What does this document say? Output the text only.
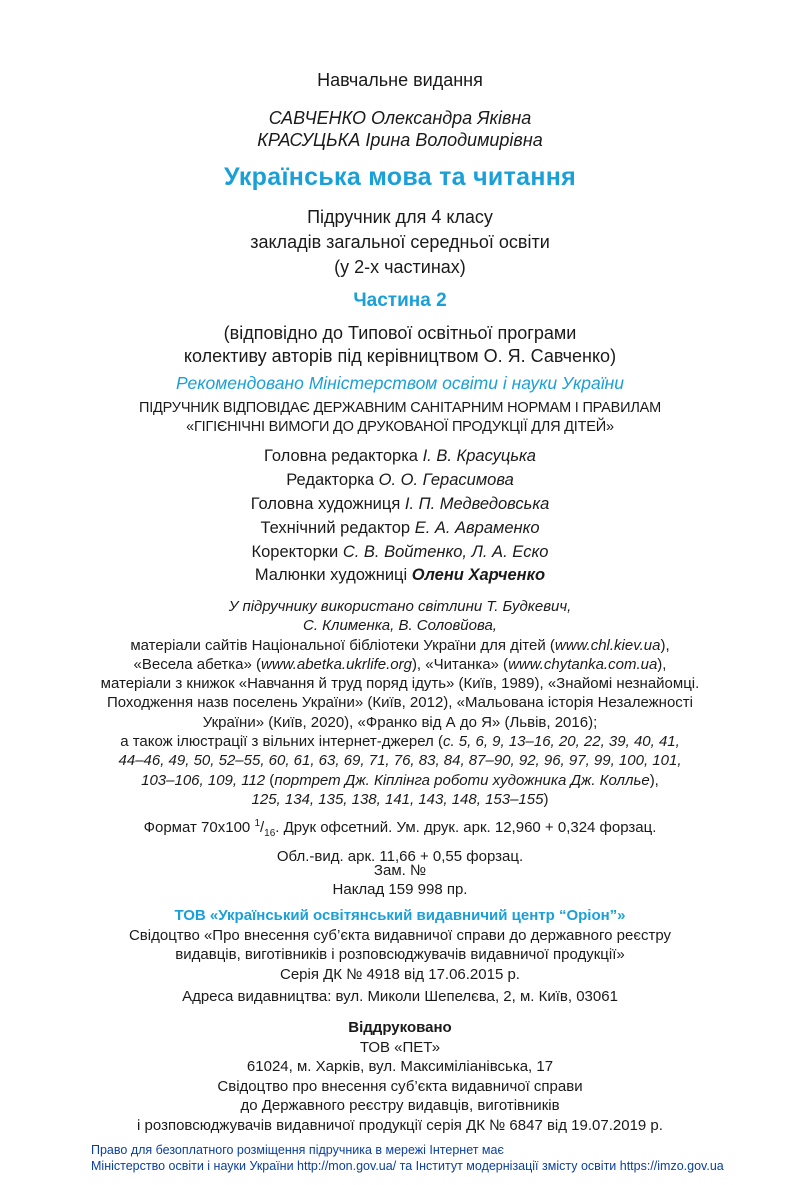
Навчальне видання
САВЧЕНКО Олександра Яківна
КРАСУЦЬКА Ірина Володимирівна
Українська мова та читання
Підручник для 4 класу
закладів загальної середньої освіти
(у 2-х частинах)
Частина 2
(відповідно до Типової освітньої програми
колективу авторів під керівництвом О. Я. Савченко)
Рекомендовано Міністерством освіти і науки України
ПІДРУЧНИК ВІДПОВІДАЄ ДЕРЖАВНИМ САНІТАРНИМ НОРМАМ І ПРАВИЛАМ
«ГІГІЄНІЧНІ ВИМОГИ ДО ДРУКОВАНОЇ ПРОДУКЦІЇ ДЛЯ ДІТЕЙ»
Головна редакторка І. В. Красуцька
Редакторка О. О. Герасимова
Головна художниця І. П. Медведовська
Технічний редактор Е. А. Авраменко
Коректорки С. В. Войтенко, Л. А. Еско
Малюнки художниці Олени Харченко
У підручнику використано світлини Т. Будкевич,
С. Клименка, В. Соловйова,
матеріали сайтів Національної бібліотеки України для дітей (www.chl.kiev.ua),
«Весела абетка» (www.abetka.ukrlife.org), «Читанка» (www.chytanka.com.ua),
матеріали з книжок «Навчання й труд поряд ідуть» (Київ, 1989), «Знайомі незнайомці.
Походження назв поселень України» (Київ, 2012), «Мальована історія Незалежності
України» (Київ, 2020), «Франко від А до Я» (Львів, 2016);
а також ілюстрації з вільних інтернет-джерел (с. 5, 6, 9, 13–16, 20, 22, 39, 40, 41,
44–46, 49, 50, 52–55, 60, 61, 63, 69, 71, 76, 83, 84, 87–90, 92, 96, 97, 99, 100, 101,
103–106, 109, 112 (портрет Дж. Кіплінга роботи художника Дж. Коллье),
125, 134, 135, 138, 141, 143, 148, 153–155)
Формат 70x100 $^1/_{16}$. Друк офсетний. Ум. друк. арк. 12,960 + 0,324 форзац.
Обл.-вид. арк. 11,66 + 0,55 форзац.
Зам. №
Наклад 159 998 пр.
ТОВ «Український освітянський видавничий центр “Оріон”»
Свідоцтво «Про внесення суб’єкта видавничої справи до державного реєстру
видавців, виготівників і розповсюджувачів видавничої продукції»
Серія ДК № 4918 від 17.06.2015 р.
Адреса видавництва: вул. Миколи Шепелєва, 2, м. Київ, 03061
Віддруковано
ТОВ «ПЕТ»
61024, м. Харків, вул. Максиміліанівська, 17
Свідоцтво про внесення суб’єкта видавничої справи
до Державного реєстру видавців, виготівників
і розповсюджувачів видавничої продукції серія ДК № 6847 від 19.07.2019 р.
Право для безоплатного розміщення підручника в мережі Інтернет має
Міністерство освіти і науки України http://mon.gov.ua/ та Інститут модернізації змісту освіти https://imzo.gov.ua
